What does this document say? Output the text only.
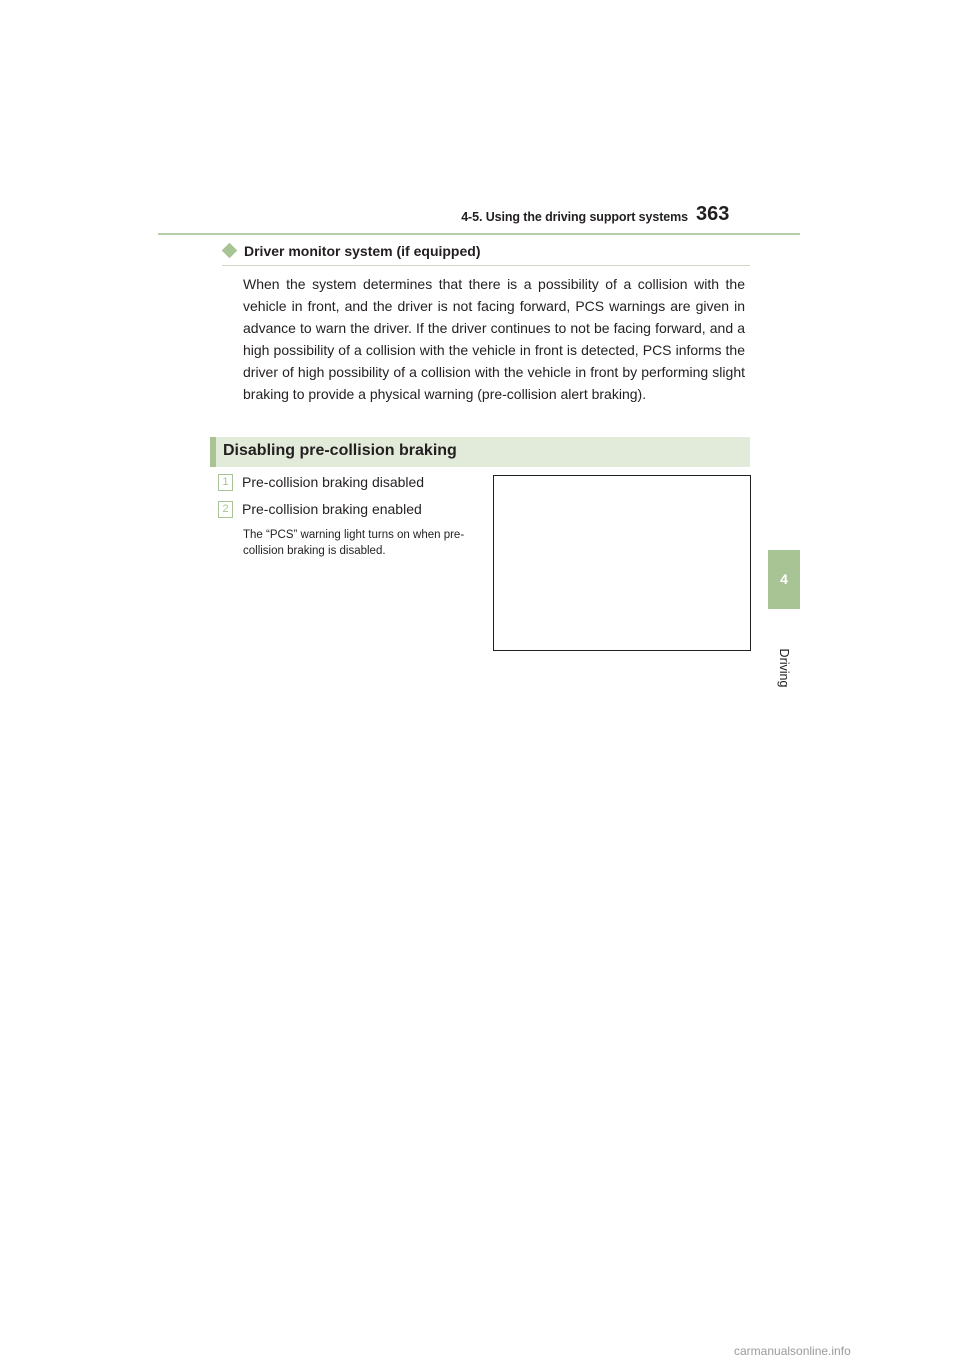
4-5. Using the driving support systems 363
4
Driving
Driver monitor system (if equipped)

When the system determines that there is a possibility of a collision with the vehicle in front, and the driver is not facing forward, PCS warnings are given in advance to warn the driver. If the driver continues to not be facing forward, and a high possibility of a collision with the vehicle in front is detected, PCS informs the driver of high possibility of a collision with the vehicle in front by performing slight braking to provide a physical warning (pre-collision alert braking).

Disabling pre-collision braking
1 Pre-collision braking disabled
2 Pre-collision braking enabled

The “PCS” warning light turns on when pre-collision braking is disabled.

carmanualsonline.info
